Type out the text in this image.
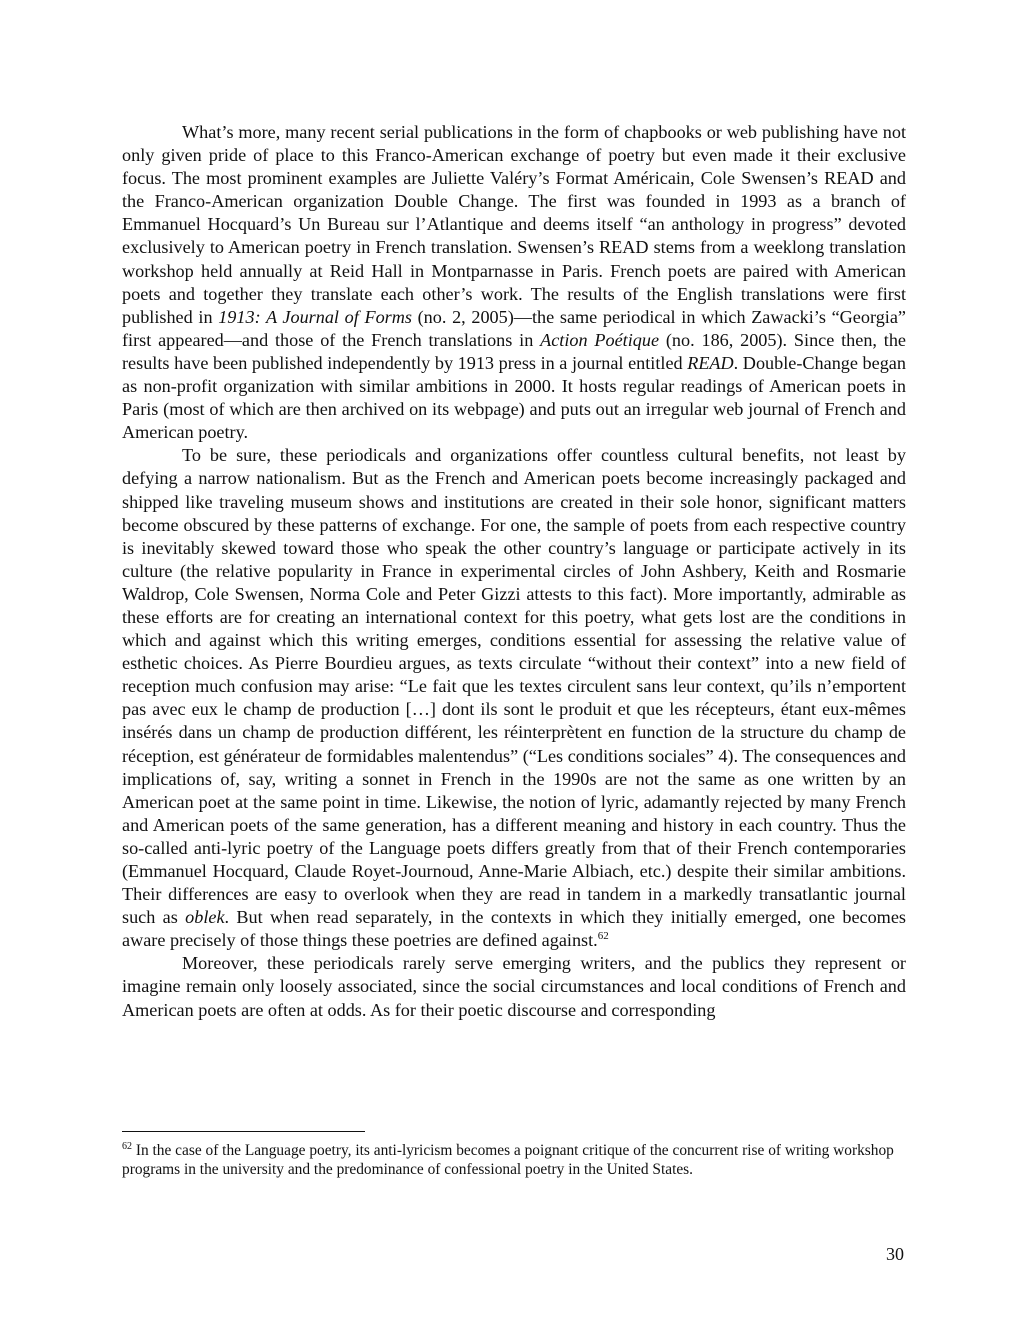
What’s more, many recent serial publications in the form of chapbooks or web publishing have not only given pride of place to this Franco-American exchange of poetry but even made it their exclusive focus. The most prominent examples are Juliette Valéry’s Format Américain, Cole Swensen’s READ and the Franco-American organization Double Change. The first was founded in 1993 as a branch of Emmanuel Hocquard’s Un Bureau sur l’Atlantique and deems itself “an anthology in progress” devoted exclusively to American poetry in French translation. Swensen’s READ stems from a weeklong translation workshop held annually at Reid Hall in Montparnasse in Paris. French poets are paired with American poets and together they translate each other’s work. The results of the English translations were first published in 1913: A Journal of Forms (no. 2, 2005)—the same periodical in which Zawacki’s “Georgia” first appeared—and those of the French translations in Action Poétique (no. 186, 2005). Since then, the results have been published independently by 1913 press in a journal entitled READ. Double-Change began as non-profit organization with similar ambitions in 2000. It hosts regular readings of American poets in Paris (most of which are then archived on its webpage) and puts out an irregular web journal of French and American poetry.

To be sure, these periodicals and organizations offer countless cultural benefits, not least by defying a narrow nationalism. But as the French and American poets become increasingly packaged and shipped like traveling museum shows and institutions are created in their sole honor, significant matters become obscured by these patterns of exchange. For one, the sample of poets from each respective country is inevitably skewed toward those who speak the other country’s language or participate actively in its culture (the relative popularity in France in experimental circles of John Ashbery, Keith and Rosmarie Waldrop, Cole Swensen, Norma Cole and Peter Gizzi attests to this fact). More importantly, admirable as these efforts are for creating an international context for this poetry, what gets lost are the conditions in which and against which this writing emerges, conditions essential for assessing the relative value of esthetic choices. As Pierre Bourdieu argues, as texts circulate “without their context” into a new field of reception much confusion may arise: “Le fait que les textes circulent sans leur context, qu’ils n’emportent pas avec eux le champ de production […] dont ils sont le produit et que les récepteurs, étant eux-mêmes insérés dans un champ de production différent, les réinterprètent en function de la structure du champ de réception, est générateur de formidables malentendus” (“Les conditions sociales” 4). The consequences and implications of, say, writing a sonnet in French in the 1990s are not the same as one written by an American poet at the same point in time. Likewise, the notion of lyric, adamantly rejected by many French and American poets of the same generation, has a different meaning and history in each country. Thus the so-called anti-lyric poetry of the Language poets differs greatly from that of their French contemporaries (Emmanuel Hocquard, Claude Royet-Journoud, Anne-Marie Albiach, etc.) despite their similar ambitions. Their differences are easy to overlook when they are read in tandem in a markedly transatlantic journal such as oblek. But when read separately, in the contexts in which they initially emerged, one becomes aware precisely of those things these poetries are defined against.$^{62}$

Moreover, these periodicals rarely serve emerging writers, and the publics they represent or imagine remain only loosely associated, since the social circumstances and local conditions of French and American poets are often at odds. As for their poetic discourse and corresponding

$^{62}$ In the case of the Language poetry, its anti-lyricism becomes a poignant critique of the concurrent rise of writing workshop programs in the university and the predominance of confessional poetry in the United States.

30
